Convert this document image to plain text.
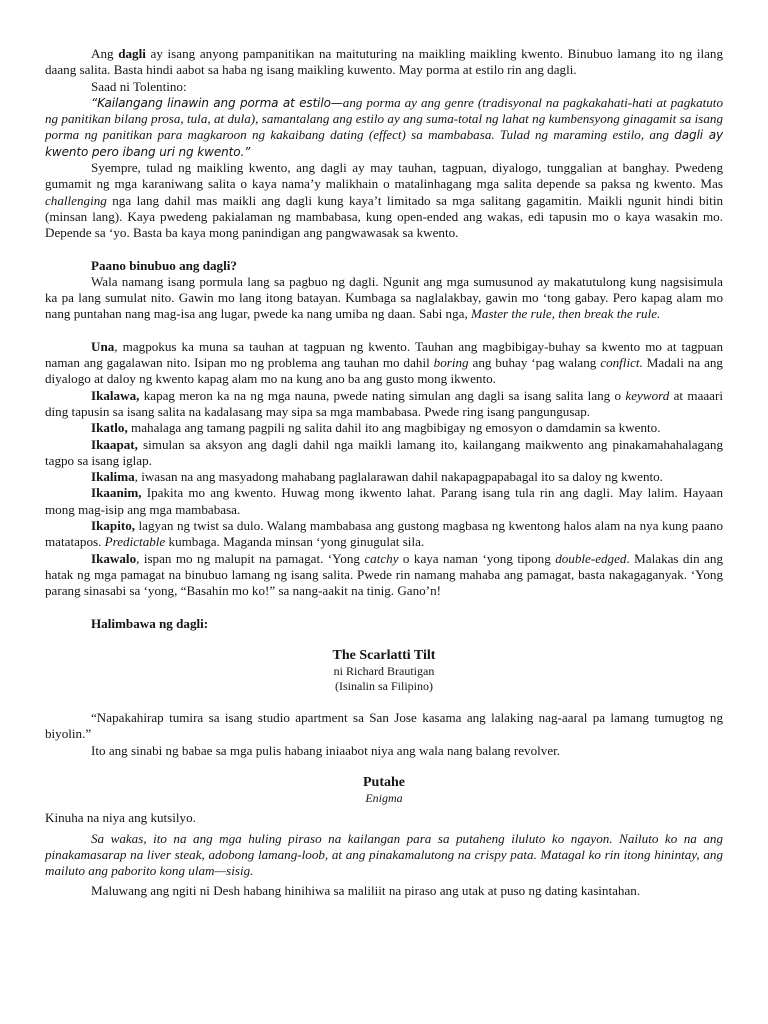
Ang dagli ay isang anyong pampanitikan na maituturing na maikling maikling kwento. Binubuo lamang ito ng ilang daang salita. Basta hindi aabot sa haba ng isang maikling kuwento. May porma at estilo rin ang dagli.

Saad ni Tolentino:

“Kailangang linawin ang porma at estilo—ang porma ay ang genre (tradisyonal na pagkakahati-hati at pagkatuto ng panitikan bilang prosa, tula, at dula), samantalang ang estilo ay ang suma-total ng lahat ng kumbensyong ginagamit sa isang porma ng panitikan para magkaroon ng kakaibang dating (effect) sa mambabasa. Tulad ng maraming estilo, ang dagli ay kwento pero ibang uri ng kwento.”

Syempre, tulad ng maikling kwento, ang dagli ay may tauhan, tagpuan, diyalogo, tunggalian at banghay. Pwedeng gumamit ng mga karaniwang salita o kaya nama’y malikhain o matalinhagang mga salita depende sa paksa ng kwento. Mas challenging nga lang dahil mas maikli ang dagli kung kaya’t limitado sa mga salitang gagamitin. Maikli ngunit hindi bitin (minsan lang). Kaya pwedeng pakialaman ng mambabasa, kung open-ended ang wakas, edi tapusin mo o kaya wasakin mo. Depende sa ‘yo. Basta ba kaya mong panindigan ang pangwawasak sa kwento.

Paano binubuo ang dagli?

Wala namang isang pormula lang sa pagbuo ng dagli. Ngunit ang mga sumusunod ay makatutulong kung nagsisimula ka pa lang sumulat nito. Gawin mo lang itong batayan. Kumbaga sa naglalakbay, gawin mo ‘tong gabay. Pero kapag alam mo nang puntahan nang mag-isa ang lugar, pwede ka nang umiba ng daan. Sabi nga, Master the rule, then break the rule.

Una, magpokus ka muna sa tauhan at tagpuan ng kwento. Tauhan ang magbibigay-buhay sa kwento mo at tagpuan naman ang gagalawan nito. Isipan mo ng problema ang tauhan mo dahil boring ang buhay ‘pag walang conflict. Madali na ang diyalogo at daloy ng kwento kapag alam mo na kung ano ba ang gusto mong ikwento.

Ikalawa, kapag meron ka na ng mga nauna, pwede nating simulan ang dagli sa isang salita lang o keyword at maaari ding tapusin sa isang salita na kadalasang may sipa sa mga mambabasa. Pwede ring isang pangungusap.

Ikatlo, mahalaga ang tamang pagpili ng salita dahil ito ang magbibigay ng emosyon o damdamin sa kwento.

Ikaapat, simulan sa aksyon ang dagli dahil nga maikli lamang ito, kailangang maikwento ang pinakamahahalagang tagpo sa isang iglap.

Ikalima, iwasan na ang masyadong mahabang paglalarawan dahil nakapagpapabagal ito sa daloy ng kwento.

Ikaanim, Ipakita mo ang kwento. Huwag mong ikwento lahat. Parang isang tula rin ang dagli. May lalim. Hayaan mong mag-isip ang mga mambabasa.

Ikapito, lagyan ng twist sa dulo. Walang mambabasa ang gustong magbasa ng kwentong halos alam na nya kung paano matatapos. Predictable kumbaga. Maganda minsan ‘yong ginugulat sila.

Ikawalo, ispan mo ng malupit na pamagat. ‘Yong catchy o kaya naman ‘yong tipong double-edged. Malakas din ang hatak ng mga pamagat na binubuo lamang ng isang salita. Pwede rin namang mahaba ang pamagat, basta nakagaganyak. ‘Yong parang sinasabi sa ‘yong, “Basahin mo ko!” sa nang-aakit na tinig. Gano’n!

Halimbawa ng dagli:

The Scarlatti Tilt

ni Richard Brautigan

(Isinalin sa Filipino)

“Napakahirap tumira sa isang studio apartment sa San Jose kasama ang lalaking nag-aaral pa lamang tumugtog ng biyolin.”

Ito ang sinabi ng babae sa mga pulis habang iniaabot niya ang wala nang balang revolver.

Putahe

Enigma

Kinuha na niya ang kutsilyo.

Sa wakas, ito na ang mga huling piraso na kailangan para sa putaheng iluluto ko ngayon. Nailuto ko na ang pinakamasarap na liver steak, adobong lamang-loob, at ang pinakamalutong na crispy pata. Matagal ko rin itong hinintay, ang mailuto ang paborito kong ulam—sisig.

Maluwang ang ngiti ni Desh habang hinihiwa sa maliliit na piraso ang utak at puso ng dating kasintahan.
